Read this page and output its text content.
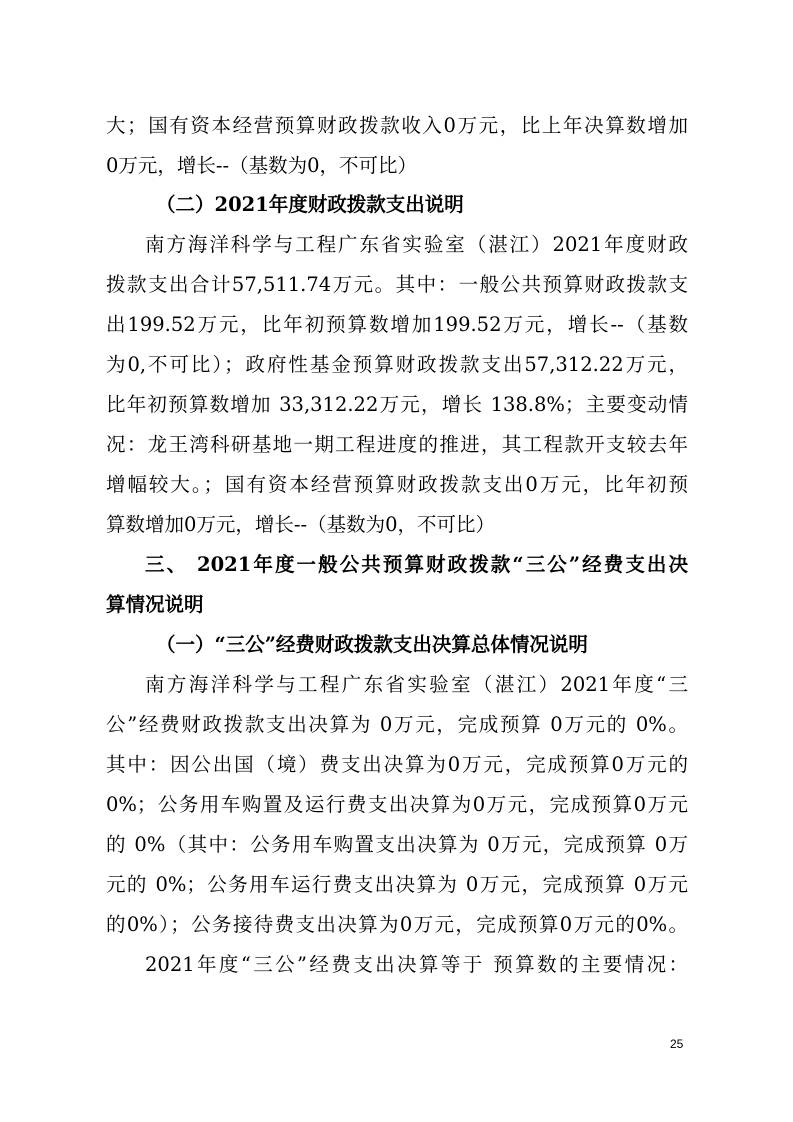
大；国有资本经营预算财政拨款收入0万元，比上年决算数增加
0万元，增长--（基数为0，不可比）
（二）2021年度财政拨款支出说明
南方海洋科学与工程广东省实验室（湛江）2021年度财政
拨款支出合计57,511.74万元。其中：一般公共预算财政拨款支
出199.52万元，比年初预算数增加199.52万元，增长--（基数
为0,不可比）；政府性基金预算财政拨款支出57,312.22万元，
比年初预算数增加 33,312.22万元，增长 138.8%；主要变动情
况：龙王湾科研基地一期工程进度的推进，其工程款开支较去年
增幅较大。；国有资本经营预算财政拨款支出0万元，比年初预
算数增加0万元，增长--（基数为0，不可比）
三、 2021年度一般公共预算财政拨款“三公”经费支出决
算情况说明
（一）“三公”经费财政拨款支出决算总体情况说明
南方海洋科学与工程广东省实验室（湛江）2021年度“三
公”经费财政拨款支出决算为 0万元，完成预算 0万元的 0%。
其中：因公出国（境）费支出决算为0万元，完成预算0万元的
0%；公务用车购置及运行费支出决算为0万元，完成预算0万元
的 0%（其中：公务用车购置支出决算为 0万元，完成预算 0万
元的 0%；公务用车运行费支出决算为 0万元，完成预算 0万元
的0%）；公务接待费支出决算为0万元，完成预算0万元的0%。
2021年度“三公”经费支出决算等于 预算数的主要情况：
25
